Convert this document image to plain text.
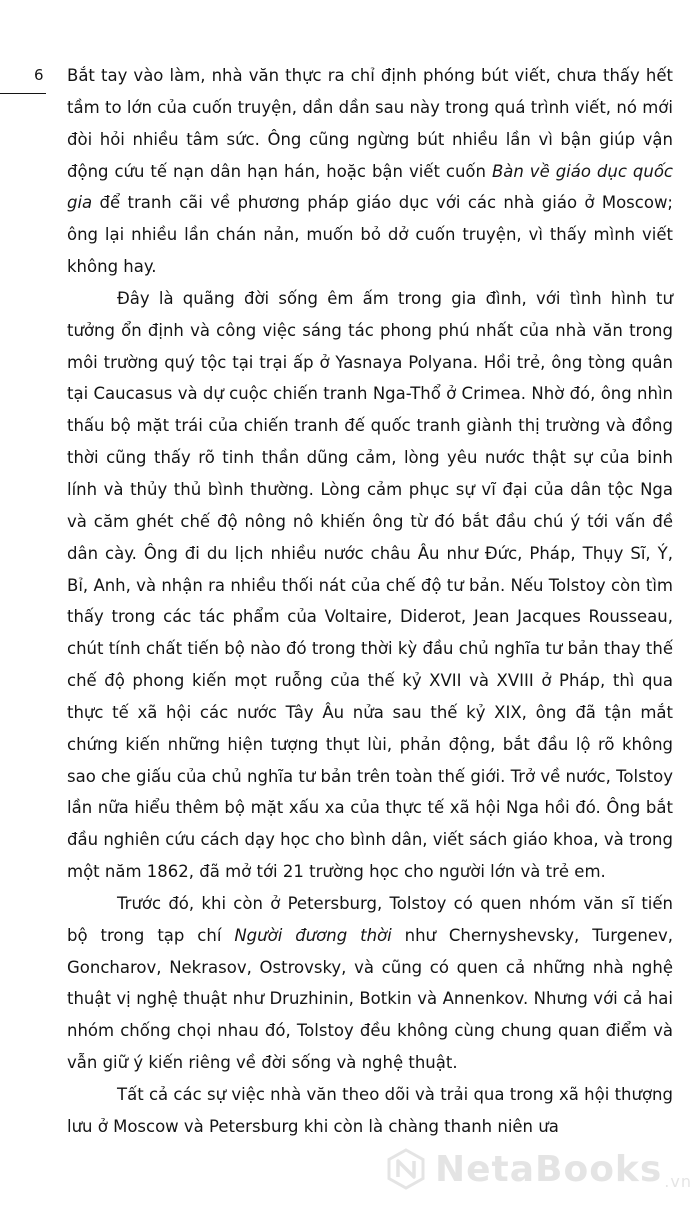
6 Bắt tay vào làm, nhà văn thực ra chỉ định phóng bút viết, chưa thấy hết tầm to lớn của cuốn truyện, dần dần sau này trong quá trình viết, nó mới đòi hỏi nhiều tâm sức. Ông cũng ngừng bút nhiều lần vì bận giúp vận động cứu tế nạn dân hạn hán, hoặc bận viết cuốn Bàn về giáo dục quốc gia để tranh cãi về phương pháp giáo dục với các nhà giáo ở Moscow; ông lại nhiều lần chán nản, muốn bỏ dở cuốn truyện, vì thấy mình viết không hay.

Đây là quãng đời sống êm ấm trong gia đình, với tình hình tư tưởng ổn định và công việc sáng tác phong phú nhất của nhà văn trong môi trường quý tộc tại trại ấp ở Yasnaya Polyana. Hồi trẻ, ông tòng quân tại Caucasus và dự cuộc chiến tranh Nga-Thổ ở Crimea. Nhờ đó, ông nhìn thấu bộ mặt trái của chiến tranh đế quốc tranh giành thị trường và đồng thời cũng thấy rõ tinh thần dũng cảm, lòng yêu nước thật sự của binh lính và thủy thủ bình thường. Lòng cảm phục sự vĩ đại của dân tộc Nga và căm ghét chế độ nông nô khiến ông từ đó bắt đầu chú ý tới vấn đề dân cày. Ông đi du lịch nhiều nước châu Âu như Đức, Pháp, Thụy Sĩ, Ý, Bỉ, Anh, và nhận ra nhiều thối nát của chế độ tư bản. Nếu Tolstoy còn tìm thấy trong các tác phẩm của Voltaire, Diderot, Jean Jacques Rousseau, chút tính chất tiến bộ nào đó trong thời kỳ đầu chủ nghĩa tư bản thay thế chế độ phong kiến mọt ruỗng của thế kỷ XVII và XVIII ở Pháp, thì qua thực tế xã hội các nước Tây Âu nửa sau thế kỷ XIX, ông đã tận mắt chứng kiến những hiện tượng thụt lùi, phản động, bắt đầu lộ rõ không sao che giấu của chủ nghĩa tư bản trên toàn thế giới. Trở về nước, Tolstoy lần nữa hiểu thêm bộ mặt xấu xa của thực tế xã hội Nga hồi đó. Ông bắt đầu nghiên cứu cách dạy học cho bình dân, viết sách giáo khoa, và trong một năm 1862, đã mở tới 21 trường học cho người lớn và trẻ em.

Trước đó, khi còn ở Petersburg, Tolstoy có quen nhóm văn sĩ tiến bộ trong tạp chí Người đương thời như Chernyshevsky, Turgenev, Goncharov, Nekrasov, Ostrovsky, và cũng có quen cả những nhà nghệ thuật vị nghệ thuật như Druzhinin, Botkin và Annenkov. Nhưng với cả hai nhóm chống chọi nhau đó, Tolstoy đều không cùng chung quan điểm và vẫn giữ ý kiến riêng về đời sống và nghệ thuật.

Tất cả các sự việc nhà văn theo dõi và trải qua trong xã hội thượng lưu ở Moscow và Petersburg khi còn là chàng thanh niên ưa

NetaBooks .vn
